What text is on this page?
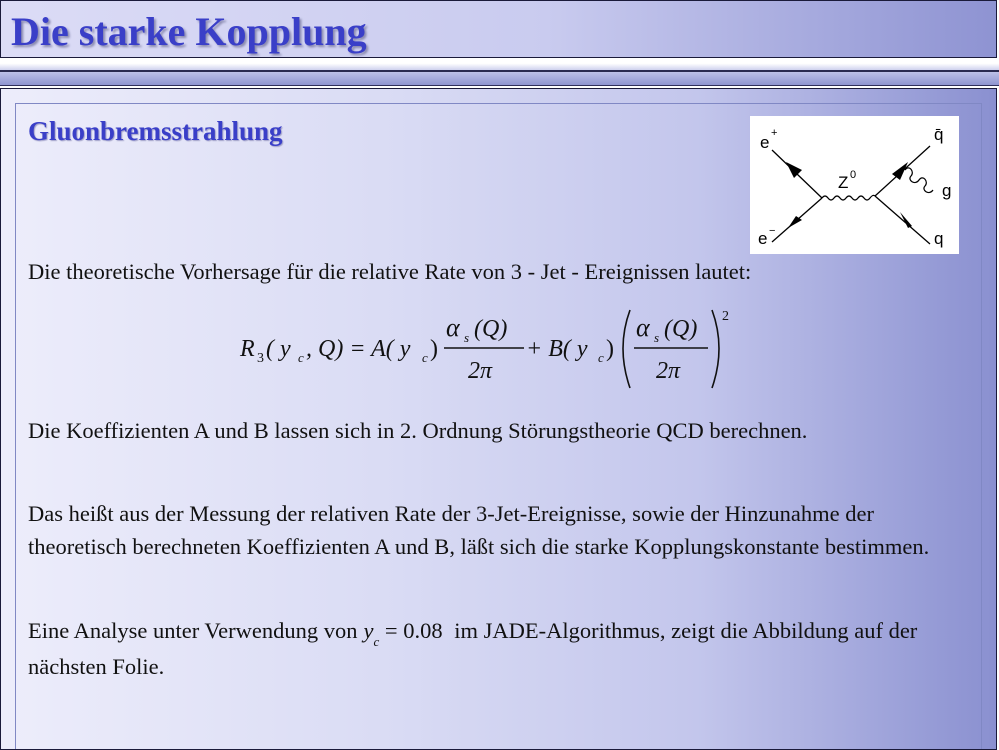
Die starke Kopplung
Gluonbremsstrahlung	e +
e −
Z 0
q̄
g
q

Die theoretische Vorhersage für die relative Rate von 3 - Jet - Ereignissen lautet:

R 3 ( y c , Q) = A( y c )
α s (Q)
2π
+ B( y c )
α s (Q)
2π
2

Die Koeffizienten A und B lassen sich in 2. Ordnung Störungstheorie QCD berechnen.

Das heißt aus der Messung der relativen Rate der 3-Jet-Ereignisse, sowie der Hinzunahme der theoretisch berechneten Koeffizienten A und B, läßt sich die starke Kopplungskonstante bestimmen.

Eine Analyse unter Verwendung von $y_c = 0.08$ im JADE-Algorithmus, zeigt die Abbildung auf der nächsten Folie.
